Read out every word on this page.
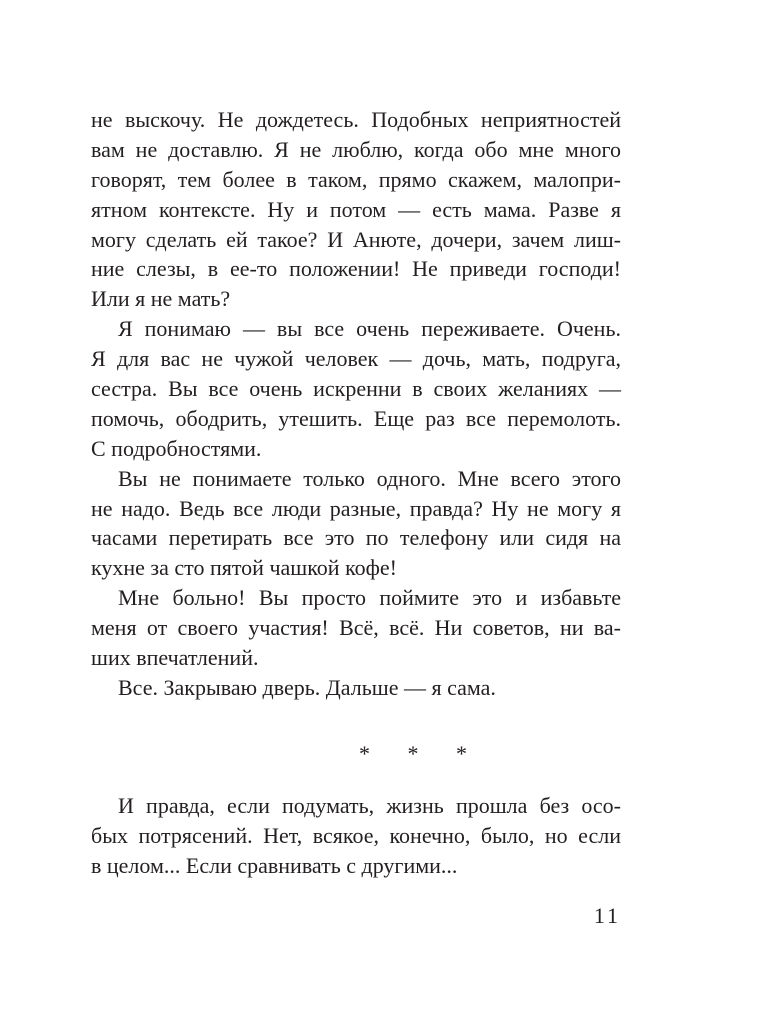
не выскочу. Не дождетесь. Подобных неприятностей
вам не доставлю. Я не люблю, когда обо мне много
говорят, тем более в таком, прямо скажем, малопри-
ятном контексте. Ну и потом — есть мама. Разве я
могу сделать ей такое? И Анюте, дочери, зачем лиш-
ние слезы, в ее-то положении! Не приведи господи!
Или я не мать?
Я понимаю — вы все очень переживаете. Очень.
Я для вас не чужой человек — дочь, мать, подруга,
сестра. Вы все очень искренни в своих желаниях —
помочь, ободрить, утешить. Еще раз все перемолоть.
С подробностями.
Вы не понимаете только одного. Мне всего этого
не надо. Ведь все люди разные, правда? Ну не могу я
часами перетирать все это по телефону или сидя на
кухне за сто пятой чашкой кофе!
Мне больно! Вы просто поймите это и избавьте
меня от своего участия! Всё, всё. Ни советов, ни ва-
ших впечатлений.
Все. Закрываю дверь. Дальше — я сама.
* * *
И правда, если подумать, жизнь прошла без осо-
бых потрясений. Нет, всякое, конечно, было, но если
в целом... Если сравнивать с другими...
11
